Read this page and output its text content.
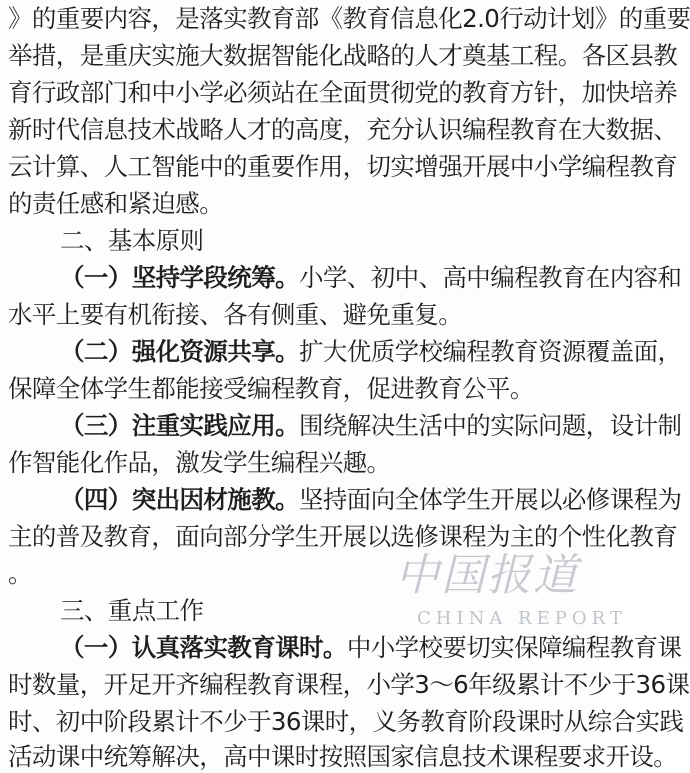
》的重要内容，是落实教育部《教育信息化2.0行动计划》的重要
举措，是重庆实施大数据智能化战略的人才奠基工程。各区县教
育行政部门和中小学必须站在全面贯彻党的教育方针，加快培养
新时代信息技术战略人才的高度，充分认识编程教育在大数据、
云计算、人工智能中的重要作用，切实增强开展中小学编程教育
的责任感和紧迫感。
二、基本原则
（一）坚持学段统筹。小学、初中、高中编程教育在内容和
水平上要有机衔接、各有侧重、避免重复。
（二）强化资源共享。扩大优质学校编程教育资源覆盖面，
保障全体学生都能接受编程教育，促进教育公平。
（三）注重实践应用。围绕解决生活中的实际问题，设计制
作智能化作品，激发学生编程兴趣。
（四）突出因材施教。坚持面向全体学生开展以必修课程为
主的普及教育，面向部分学生开展以选修课程为主的个性化教育
。
三、重点工作
（一）认真落实教育课时。中小学校要切实保障编程教育课
时数量，开足开齐编程教育课程，小学3～6年级累计不少于36课
时、初中阶段累计不少于36课时，义务教育阶段课时从综合实践
活动课中统筹解决，高中课时按照国家信息技术课程要求开设。
中国报道
CHINA REPORT
